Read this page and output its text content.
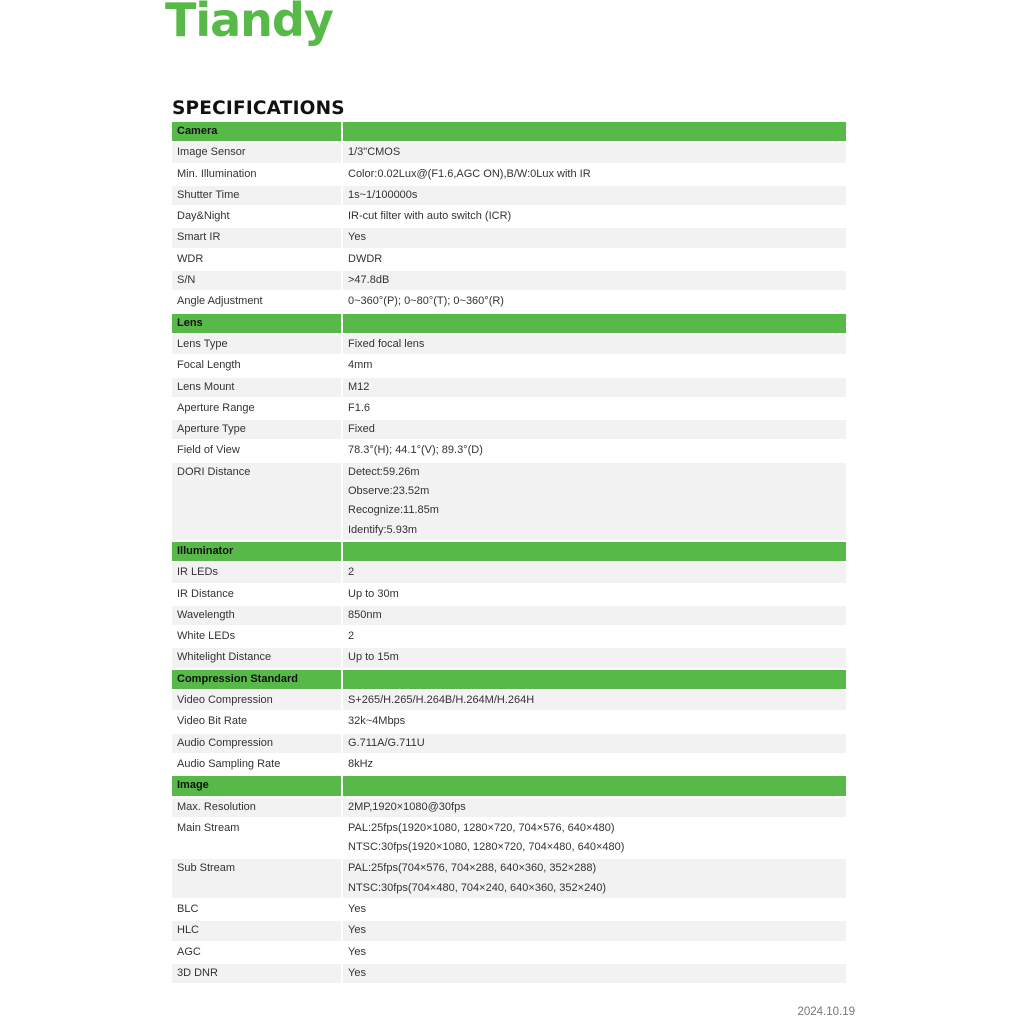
Tiandy
SPECIFICATIONS
Camera	
Image Sensor	1/3"CMOS

Min. Illumination	Color:0.02Lux@(F1.6,AGC ON),B/W:0Lux with IR

Shutter Time	1s~1/100000s

Day&Night	IR-cut filter with auto switch (ICR)

Smart IR	Yes

WDR	DWDR

S/N	>47.8dB

Angle Adjustment	0~360°(P); 0~80°(T); 0~360°(R)

Lens	
Lens Type	Fixed focal lens

Focal Length	4mm

Lens Mount	M12

Aperture Range	F1.6

Aperture Type	Fixed

Field of View	78.3°(H); 44.1°(V); 89.3°(D)

DORI Distance	Detect:59.26m
Observe:23.52m
Recognize:11.85m
Identify:5.93m

Illuminator	
IR LEDs	2

IR Distance	Up to 30m

Wavelength	850nm

White LEDs	2

Whitelight Distance	Up to 15m

Compression Standard	
Video Compression	S+265/H.265/H.264B/H.264M/H.264H

Video Bit Rate	32k~4Mbps

Audio Compression	G.711A/G.711U

Audio Sampling Rate	8kHz

Image	
Max. Resolution	2MP,1920×1080@30fps

Main Stream	PAL:25fps(1920×1080, 1280×720, 704×576, 640×480)
NTSC:30fps(1920×1080, 1280×720, 704×480, 640×480)

Sub Stream	PAL:25fps(704×576, 704×288, 640×360, 352×288)
NTSC:30fps(704×480, 704×240, 640×360, 352×240)

BLC	Yes

HLC	Yes

AGC	Yes

3D DNR	Yes

2024.10.19
